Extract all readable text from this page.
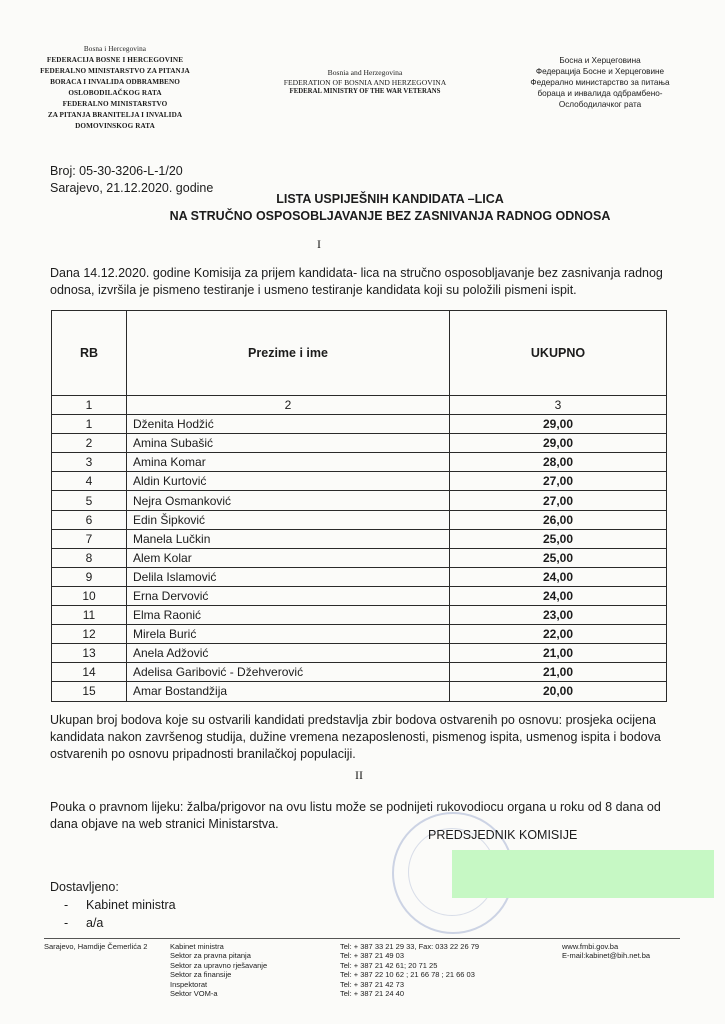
Bosna i Hercegovina
FEDERACIJA BOSNE I HERCEGOVINE
FEDERALNO MINISTARSTVO ZA PITANJA
BORACA I INVALIDA ODBRAMBENO
OSLOBODILAČKOG RATA
FEDERALNO MINISTARSTVO
ZA PITANJA BRANITELJA I INVALIDA
DOMOVINSKOG RATA
Bosnia and Herzegovina
FEDERATION OF BOSNIA AND HERZEGOVINA
FEDERAL MINISTRY OF THE WAR VETERANS
Босна и Херцеговина
Федерација Босне и Херцеговине
Федерално министарство за питања
бораца и инвалида одбрамбено-
Ослободилачког рата
Broj: 05-30-3206-L-1/20
Sarajevo, 21.12.2020. godine
LISTA USPIJEŠNIH KANDIDATA –LICA
NA STRUČNO OSPOSOBLJAVANJE BEZ ZASNIVANJA RADNOG ODNOSA
I
Dana 14.12.2020. godine Komisija za prijem kandidata- lica na stručno osposobljavanje bez zasnivanja radnog odnosa, izvršila je pismeno testiranje i usmeno testiranje kandidata koji su položili pismeni ispit.
RB	Prezime i ime	UKUPNO
1	2	3
1	Dženita Hodžić	29,00
2	Amina Subašić	29,00
3	Amina Komar	28,00
4	Aldin Kurtović	27,00
5	Nejra Osmanković	27,00
6	Edin Šipković	26,00
7	Manela Lučkin	25,00
8	Alem Kolar	25,00
9	Delila Islamović	24,00
10	Erna Dervović	24,00
11	Elma Raonić	23,00
12	Mirela Burić	22,00
13	Anela Adžović	21,00
14	Adelisa Garibović - Džehverović	21,00
15	Amar Bostandžija	20,00
Ukupan broj bodova koje su ostvarili kandidati predstavlja zbir bodova ostvarenih po osnovu: prosjeka ocijena kandidata nakon završenog studija, dužine vremena nezaposlenosti, pismenog ispita, usmenog ispita i bodova ostvarenih po osnovu pripadnosti branilačkoj populaciji.
II
Pouka o pravnom lijeku: žalba/prigovor na ovu listu može se podnijeti rukovodiocu organa u roku od 8 dana od dana objave na web stranici Ministarstva.
PREDSJEDNIK KOMISIJE
Dostavljeno:
- Kabinet ministra
- a/a
Sarajevo, Hamdije Čemerlića 2	Kabinet ministra
Sektor za pravna pitanja
Sektor za upravno rješavanje
Sektor za finansije
Inspektorat
Sektor VOM-a
Tel: + 387 33 21 29 33, Fax: 033 22 26 79
Tel: + 387 21 49 03
Tel: + 387 21 42 61; 20 71 25
Tel: + 387 22 10 62 ; 21 66 78 ; 21 66 03
Tel: + 387 21 42 73
Tel: + 387 21 24 40
www.fmbi.gov.ba
E-mail:kabinet@bih.net.ba
